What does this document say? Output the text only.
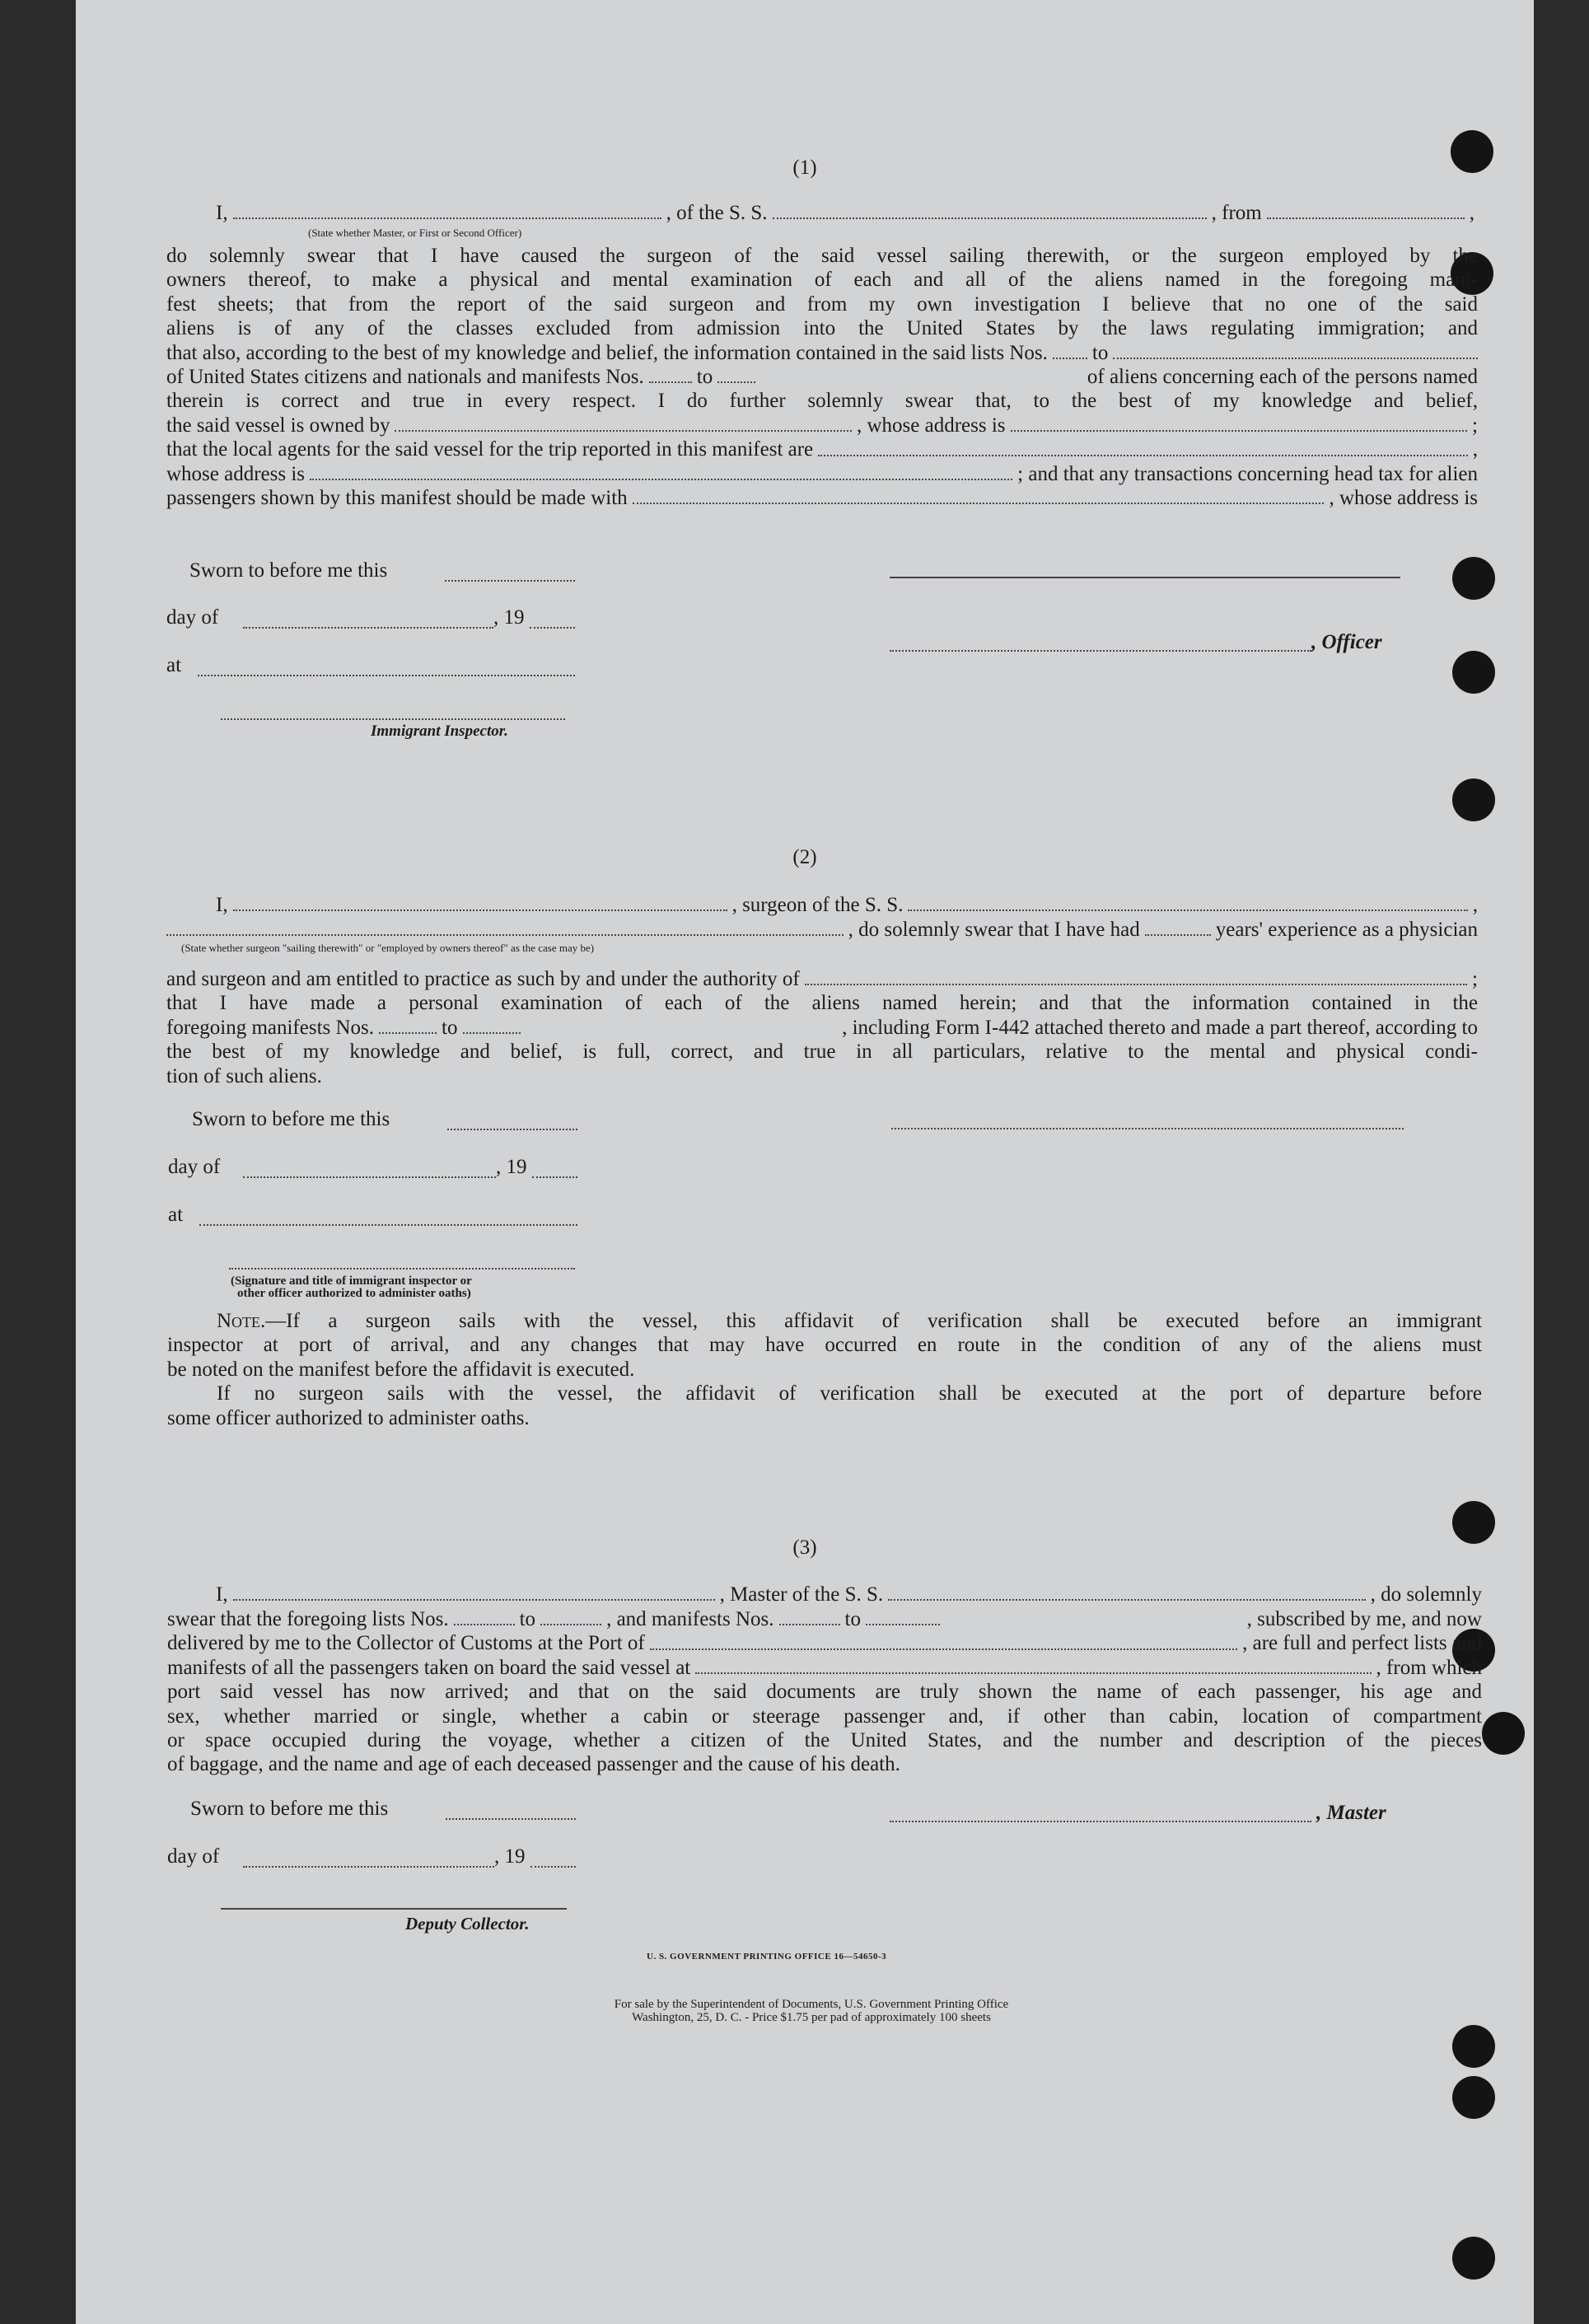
(1)
I,	, of the S. S.	, from	,
(State whether Master, or First or Second Officer)
do solemnly swear that I have caused the surgeon of the said vessel sailing therewith, or the surgeon employed by the
owners thereof, to make a physical and mental examination of each and all of the aliens named in the foregoing mani-
fest sheets; that from the report of the said surgeon and from my own investigation I believe that no one of the said
aliens is of any of the classes excluded from admission into the United States by the laws regulating immigration; and
that also, according to the best of my knowledge and belief, the information contained in the said lists Nos. to
of United States citizens and nationals and manifests Nos.	to	of aliens concerning each of the persons named
therein is correct and true in every respect. I do further solemnly swear that, to the best of my knowledge and belief,
the said vessel is owned by	, whose address is	;
that the local agents for the said vessel for the trip reported in this manifest are	,
whose address is	; and that any transactions concerning head tax for alien
passengers shown by this manifest should be made with	, whose address is
Sworn to before me this
day of	, 19
at
Immigrant Inspector.
, Officer
(2)
I,	, surgeon of the S. S.	,
, do solemnly swear that I have had	years' experience as a physician
(State whether surgeon "sailing therewith" or "employed by owners thereof" as the case may be)
and surgeon and am entitled to practice as such by and under the authority of	;
that I have made a personal examination of each of the aliens named herein; and that the information contained in the
foregoing manifests Nos.	to	, including Form I-442 attached thereto and made a part thereof, according to
the best of my knowledge and belief, is full, correct, and true in all particulars, relative to the mental and physical condi-
tion of such aliens.
Sworn to before me this
day of	, 19
at
(Signature and title of immigrant inspector or
other officer authorized to administer oaths)
Note.—If a surgeon sails with the vessel, this affidavit of verification shall be executed before an immigrant
inspector at port of arrival, and any changes that may have occurred en route in the condition of any of the aliens must
be noted on the manifest before the affidavit is executed.
If no surgeon sails with the vessel, the affidavit of verification shall be executed at the port of departure before
some officer authorized to administer oaths.
(3)
I,	, Master of the S. S.	, do solemnly
swear that the foregoing lists Nos.	to	, and manifests Nos.	to	, subscribed by me, and now
delivered by me to the Collector of Customs at the Port of	, are full and perfect lists and
manifests of all the passengers taken on board the said vessel at	, from which
port said vessel has now arrived; and that on the said documents are truly shown the name of each passenger, his age and
sex, whether married or single, whether a cabin or steerage passenger and, if other than cabin, location of compartment
or space occupied during the voyage, whether a citizen of the United States, and the number and description of the pieces
of baggage, and the name and age of each deceased passenger and the cause of his death.
Sworn to before me this
day of	, 19
, Master
Deputy Collector.
U. S. GOVERNMENT PRINTING OFFICE 16—54650-3
For sale by the Superintendent of Documents, U.S. Government Printing Office
Washington, 25, D. C. - Price $1.75 per pad of approximately 100 sheets
